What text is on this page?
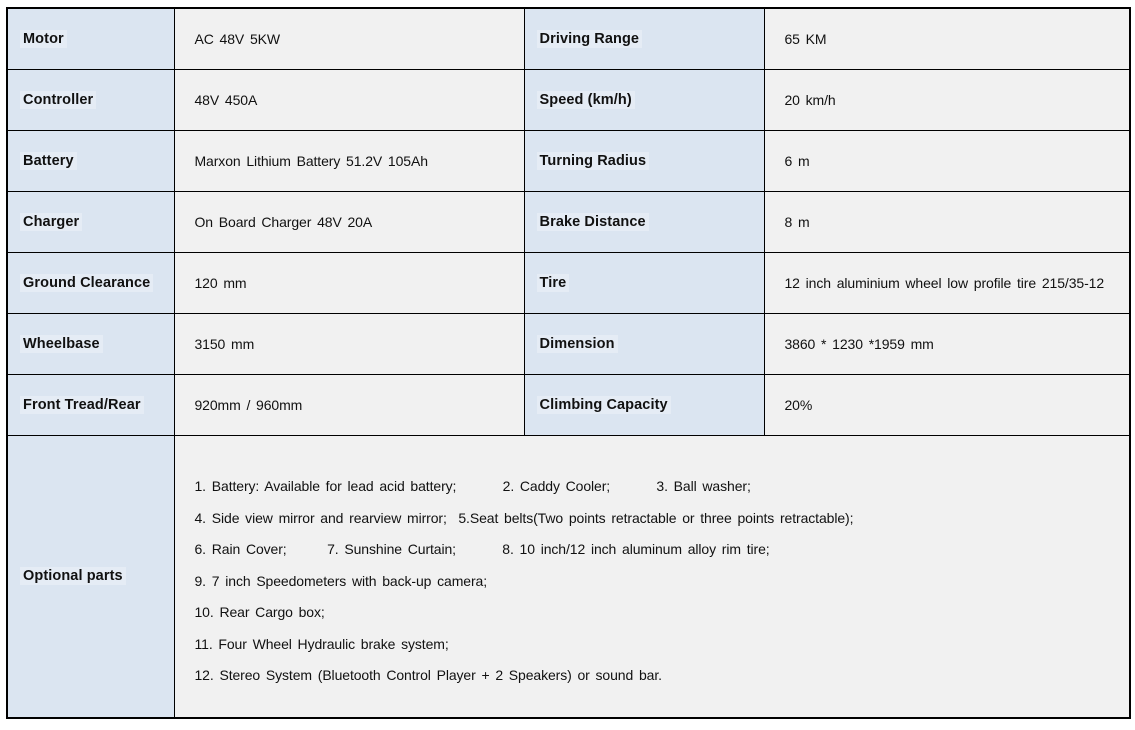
Motor	AC 48V 5KW	Driving Range	65 KM
Controller	48V 450A	Speed (km/h)	20 km/h
Battery	Marxon Lithium Battery 51.2V 105Ah	Turning Radius	6 m
Charger	On Board Charger 48V 20A	Brake Distance	8 m
Ground Clearance	120 mm	Tire	12 inch aluminium wheel low profile tire 215/35-12
Wheelbase	3150 mm	Dimension	3860 * 1230 *1959 mm
Front Tread/Rear	920mm / 960mm	Climbing Capacity	20%
Optional parts	
1. Battery: Available for lead acid battery;        2. Caddy Cooler;        3. Ball washer;
4. Side view mirror and rearview mirror;  5.Seat belts(Two points retractable or three points retractable);
6. Rain Cover;       7. Sunshine Curtain;        8. 10 inch/12 inch aluminum alloy rim tire;
9. 7 inch Speedometers with back-up camera;
10. Rear Cargo box;
11. Four Wheel Hydraulic brake system;
12. Stereo System (Bluetooth Control Player + 2 Speakers) or sound bar.
